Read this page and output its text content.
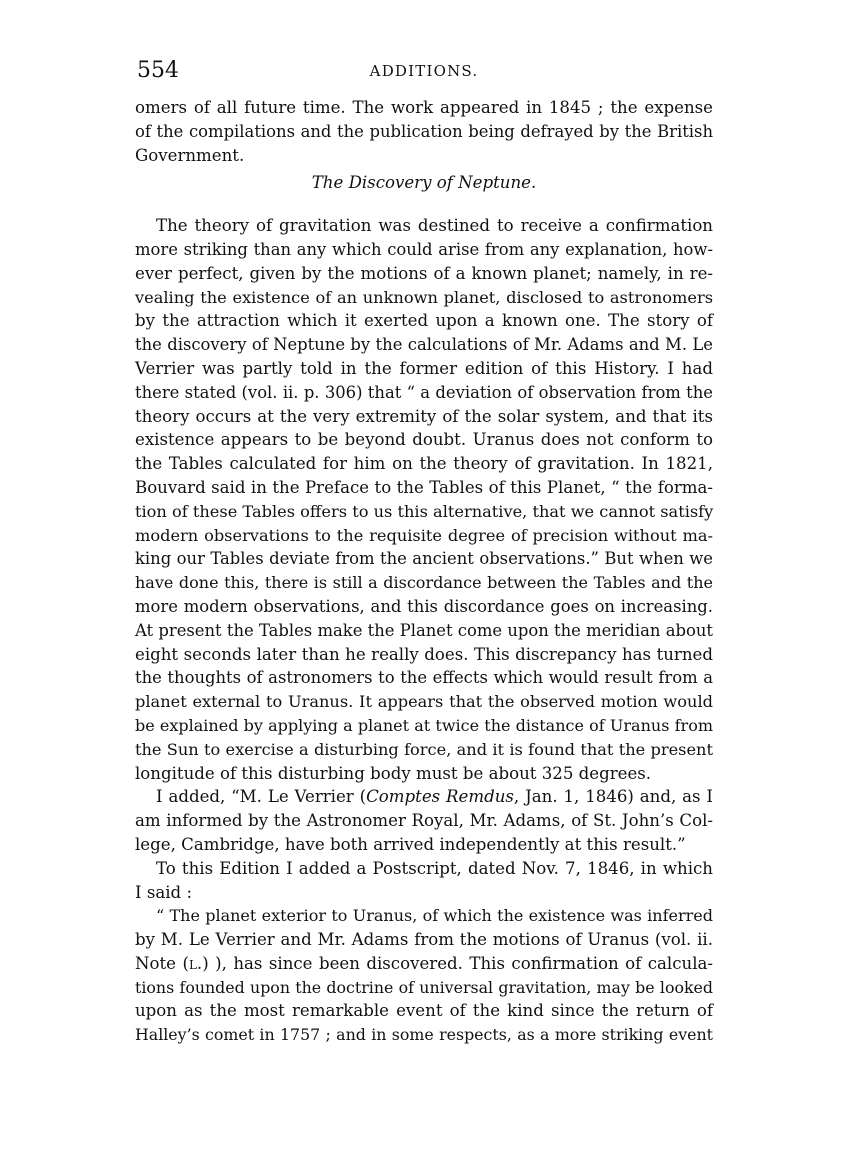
554	ADDITIONS.
omers of all future time. The work appeared in 1845 ; the expense
of the compilations and the publication being defrayed by the British
Government.
The Discovery of Neptune.
The theory of gravitation was destined to receive a confirmation
more striking than any which could arise from any explanation, how-
ever perfect, given by the motions of a known planet; namely, in re-
vealing the existence of an unknown planet, disclosed to astronomers
by the attraction which it exerted upon a known one. The story of
the discovery of Neptune by the calculations of Mr. Adams and M. Le
Verrier was partly told in the former edition of this History. I had
there stated (vol. ii. p. 306) that “ a deviation of observation from the
theory occurs at the very extremity of the solar system, and that its
existence appears to be beyond doubt. Uranus does not conform to
the Tables calculated for him on the theory of gravitation. In 1821,
Bouvard said in the Preface to the Tables of this Planet, “ the forma-
tion of these Tables offers to us this alternative, that we cannot satisfy
modern observations to the requisite degree of precision without ma-
king our Tables deviate from the ancient observations.” But when we
have done this, there is still a discordance between the Tables and the
more modern observations, and this discordance goes on increasing.
At present the Tables make the Planet come upon the meridian about
eight seconds later than he really does. This discrepancy has turned
the thoughts of astronomers to the effects which would result from a
planet external to Uranus. It appears that the observed motion would
be explained by applying a planet at twice the distance of Uranus from
the Sun to exercise a disturbing force, and it is found that the present
longitude of this disturbing body must be about 325 degrees.
I added, “M. Le Verrier (Comptes Remdus, Jan. 1, 1846) and, as I
am informed by the Astronomer Royal, Mr. Adams, of St. John’s Col-
lege, Cambridge, have both arrived independently at this result.”
To this Edition I added a Postscript, dated Nov. 7, 1846, in which
I said :
“ The planet exterior to Uranus, of which the existence was inferred
by M. Le Verrier and Mr. Adams from the motions of Uranus (vol. ii.
Note (l.) ), has since been discovered. This confirmation of calcula-
tions founded upon the doctrine of universal gravitation, may be looked
upon as the most remarkable event of the kind since the return of
Halley’s comet in 1757 ; and in some respects, as a more striking event
